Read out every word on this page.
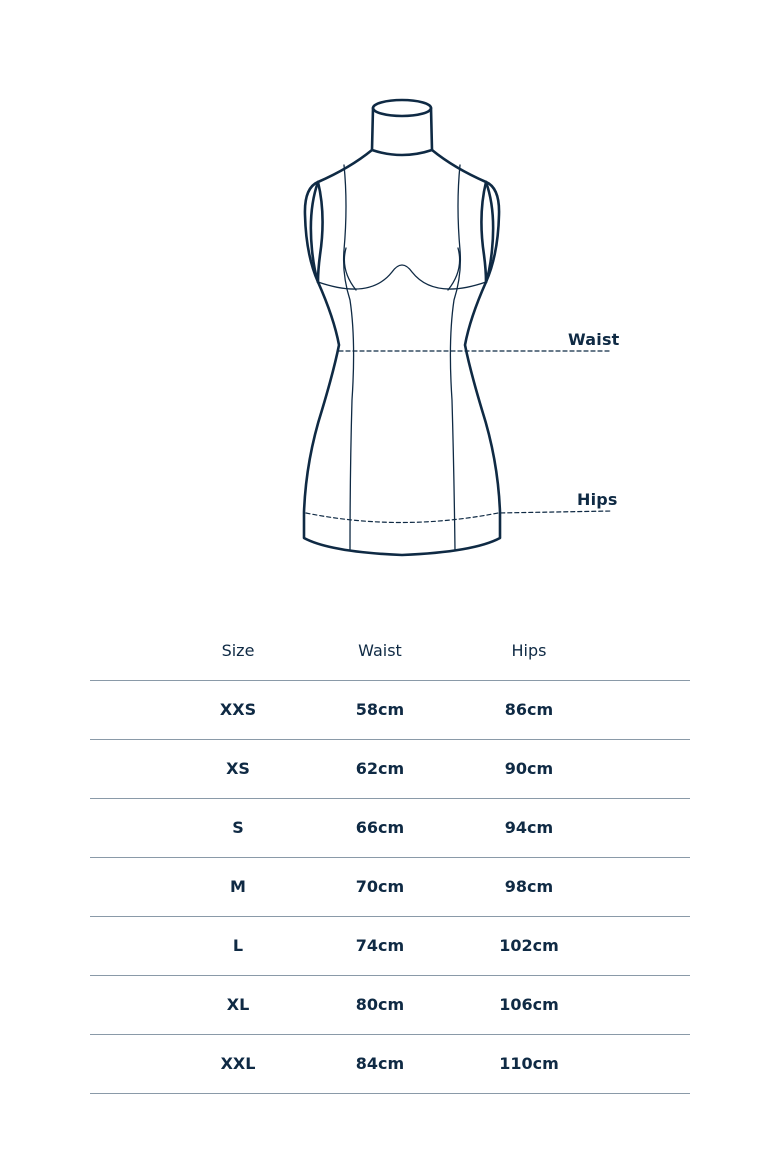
Waist
Hips
Size	Waist	Hips
XXS	58cm	86cm
XS	62cm	90cm
S	66cm	94cm
M	70cm	98cm
L	74cm	102cm
XL	80cm	106cm
XXL	84cm	110cm
